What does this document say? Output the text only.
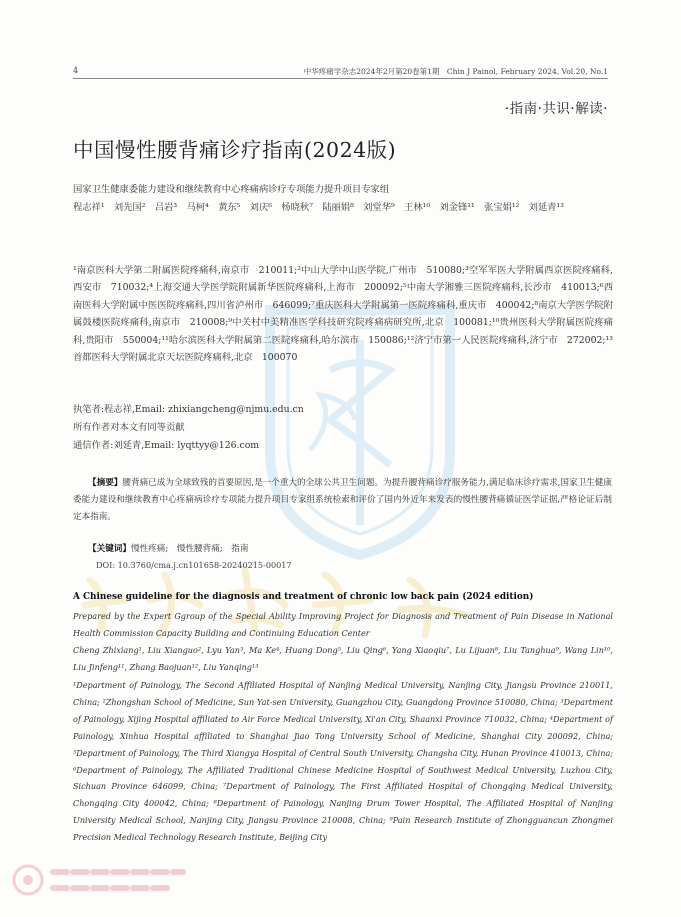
4	中华疼痛学杂志2024年2月第20卷第1期　Chin J Painol, February 2024, Vol.20, No.1
·指南·共识·解读·
中国慢性腰背痛诊疗指南(2024版)
国家卫生健康委能力建设和继续教育中心疼痛病诊疗专项能力提升项目专家组
程志祥¹　刘先国²　吕岩³　马柯⁴　黄东⁵　刘庆⁶　杨晓秋⁷　陆丽娟⁸　刘堂华⁹　王林¹⁰　刘金锋¹¹　张宝娟¹²　刘延青¹³
¹南京医科大学第二附属医院疼痛科,南京市　210011;²中山大学中山医学院,广州市　510080;³空军军医大学附属西京医院疼痛科,西安市　710032;⁴上海交通大学医学院附属新华医院疼痛科,上海市　200092;⁵中南大学湘雅三医院疼痛科,长沙市　410013;⁶西南医科大学附属中医医院疼痛科,四川省泸州市　646099;⁷重庆医科大学附属第一医院疼痛科,重庆市　400042;⁸南京大学医学院附属鼓楼医院疼痛科,南京市　210008;⁹中关村中美精准医学科技研究院疼痛病研究所,北京　100081;¹⁰贵州医科大学附属医院疼痛科,贵阳市　550004;¹¹哈尔滨医科大学附属第二医院疼痛科,哈尔滨市　150086;¹²济宁市第一人民医院疼痛科,济宁市　272002;¹³首都医科大学附属北京天坛医院疼痛科,北京　100070
执笔者:程志祥,Email: zhixiangcheng@njmu.edu.cn
所有作者对本文有同等贡献
通信作者:刘延青,Email: lyqttyy@126.com
【摘要】腰背痛已成为全球致残的首要原因,是一个重大的全球公共卫生问题。为提升腰背痛诊疗服务能力,满足临床诊疗需求,国家卫生健康委能力建设和继续教育中心疼痛病诊疗专项能力提升项目专家组系统检索和评价了国内外近年来发表的慢性腰背痛循证医学证据,严格论证后制定本指南。
【关键词】慢性疼痛;　慢性腰背痛;　指南
DOI: 10.3760/cma.j.cn101658-20240215-00017
A Chinese guideline for the diagnosis and treatment of chronic low back pain (2024 edition)
Prepared by the Expert Ggroup of the Special Ability Improving Project for Diagnosis and Treatment of Pain Disease in National Health Commission Capacity Building and Continuing Education Center
Cheng Zhixiang¹, Liu Xianguo², Lyu Yan³, Ma Ke⁴, Huang Dong⁵, Liu Qing⁶, Yang Xiaoqiu⁷, Lu Lijuan⁸, Liu Tanghua⁹, Wang Lin¹⁰, Liu Jinfeng¹¹, Zhang Baojuan¹², Liu Yanqing¹³
¹Department of Painology, The Second Affiliated Hospital of Nanjing Medical University, Nanjing City, Jiangsu Province 210011, China; ²Zhongshan School of Medicine, Sun Yat-sen University, Guangzhou City, Guangdong Province 510080, China; ³Department of Painology, Xijing Hospital affiliated to Air Force Medical University, Xi'an City, Shaanxi Province 710032, China; ⁴Department of Painology, Xinhua Hospital affiliated to Shanghai Jiao Tong University School of Medicine, Shanghai City 200092, China; ⁵Department of Painology, The Third Xiangya Hospital of Central South University, Changsha City, Hunan Province 410013, China; ⁶Department of Painology, The Affiliated Traditional Chinese Medicine Hospital of Southwest Medical University, Luzhou City, Sichuan Province 646099, China; ⁷Department of Painology, The First Affiliated Hospital of Chongqing Medical University, Chongqing City 400042, China; ⁸Department of Painology, Nanjing Drum Tower Hospital, The Affiliated Hospital of Nanjing University Medical School, Nanjing City, Jiangsu Province 210008, China; ⁹Pain Research Institute of Zhongguancun Zhongmei Precision Medical Technology Research Institute, Beijing City
